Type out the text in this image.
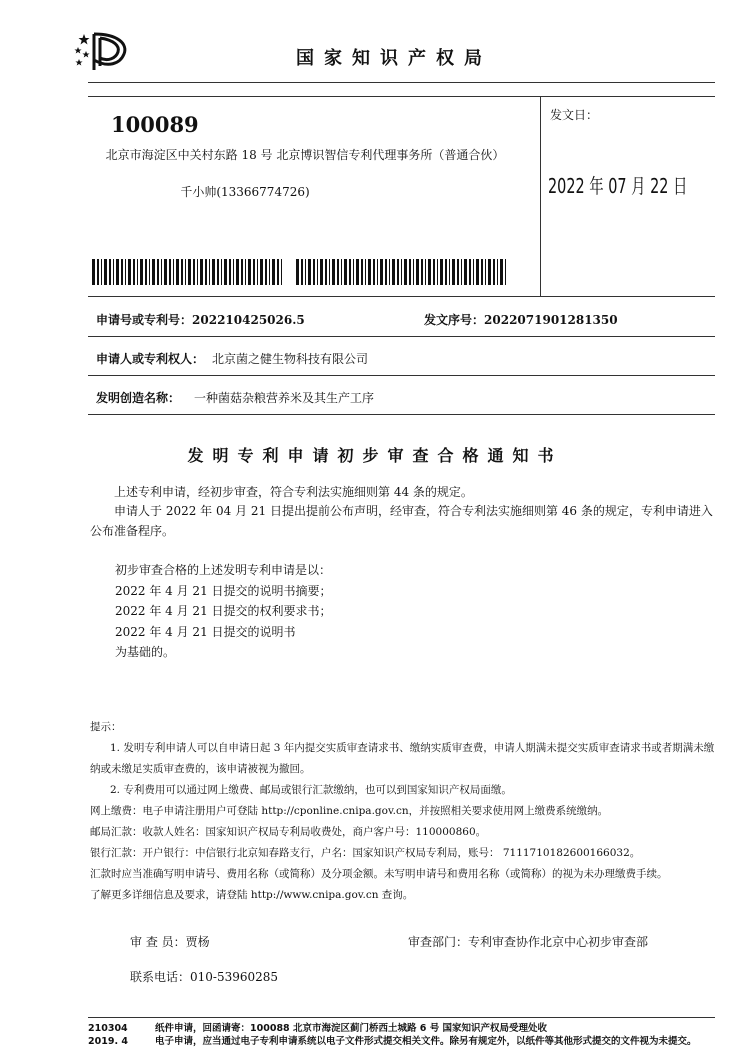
国家知识产权局
100089
北京市海淀区中关村东路 18 号 北京博识智信专利代理事务所（普通合伙）
千小帅(13366774726)
发文日：
2022 年 07 月 22 日
申请号或专利号：202210425026.5	发文序号：2022071901281350
申请人或专利权人： 北京菌之健生物科技有限公司
发明创造名称： 一种菌菇杂粮营养米及其生产工序
发明专利申请初步审查合格通知书
上述专利申请，经初步审查，符合专利法实施细则第 44 条的规定。
申请人于 2022 年 04 月 21 日提出提前公布声明，经审查，符合专利法实施细则第 46 条的规定，专利申请进入公布准备程序。
初步审查合格的上述发明专利申请是以：
2022 年 4 月 21 日提交的说明书摘要；
2022 年 4 月 21 日提交的权利要求书；
2022 年 4 月 21 日提交的说明书
为基础的。
提示：
1. 发明专利申请人可以自申请日起 3 年内提交实质审查请求书、缴纳实质审查费，申请人期满未提交实质审查请求书或者期满未缴纳或未缴足实质审查费的，该申请被视为撤回。
2. 专利费用可以通过网上缴费、邮局或银行汇款缴纳，也可以到国家知识产权局面缴。
网上缴费：电子申请注册用户可登陆 http://cponline.cnipa.gov.cn，并按照相关要求使用网上缴费系统缴纳。
邮局汇款：收款人姓名：国家知识产权局专利局收费处，商户客户号：110000860。
银行汇款：开户银行：中信银行北京知春路支行，户名：国家知识产权局专利局，账号： 7111710182600166032。
汇款时应当准确写明申请号、费用名称（或简称）及分项金额。未写明申请号和费用名称（或简称）的视为未办理缴费手续。
了解更多详细信息及要求，请登陆 http://www.cnipa.gov.cn 查询。
审 查 员：贾杨	审查部门：专利审查协作北京中心初步审查部
联系电话：010-53960285
210304
2019. 4
纸件申请，回函请寄：100088 北京市海淀区蓟门桥西土城路 6 号 国家知识产权局受理处收
电子申请，应当通过电子专利申请系统以电子文件形式提交相关文件。除另有规定外，以纸件等其他形式提交的文件视为未提交。
